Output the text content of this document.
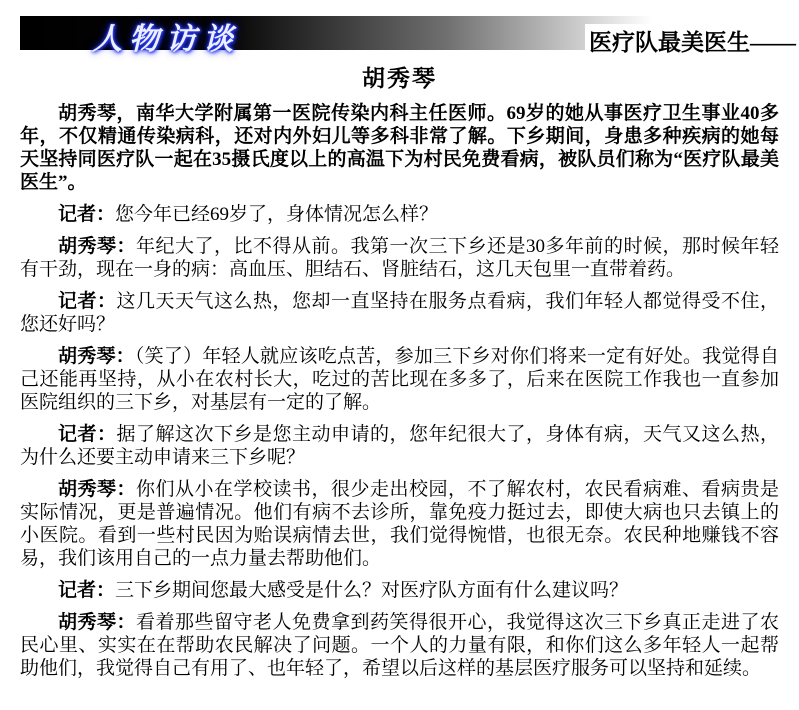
人物访谈	医疗队最美医生——
胡秀琴

胡秀琴，南华大学附属第一医院传染内科主任医师。69岁的她从事医疗卫生事业40多年，不仅精通传染病科，还对内外妇儿等多科非常了解。下乡期间，身患多种疾病的她每天坚持同医疗队一起在35摄氏度以上的高温下为村民免费看病，被队员们称为“医疗队最美医生”。

记者：您今年已经69岁了，身体情况怎么样？

胡秀琴：年纪大了，比不得从前。我第一次三下乡还是30多年前的时候，那时候年轻有干劲，现在一身的病：高血压、胆结石、肾脏结石，这几天包里一直带着药。

记者：这几天天气这么热，您却一直坚持在服务点看病，我们年轻人都觉得受不住，您还好吗？

胡秀琴：（笑了）年轻人就应该吃点苦，参加三下乡对你们将来一定有好处。我觉得自己还能再坚持，从小在农村长大，吃过的苦比现在多多了，后来在医院工作我也一直参加医院组织的三下乡，对基层有一定的了解。

记者：据了解这次下乡是您主动申请的，您年纪很大了，身体有病，天气又这么热，为什么还要主动申请来三下乡呢？

胡秀琴：你们从小在学校读书，很少走出校园，不了解农村，农民看病难、看病贵是实际情况，更是普遍情况。他们有病不去诊所，靠免疫力挺过去，即使大病也只去镇上的小医院。看到一些村民因为贻误病情去世，我们觉得惋惜，也很无奈。农民种地赚钱不容易，我们该用自己的一点力量去帮助他们。

记者：三下乡期间您最大感受是什么？对医疗队方面有什么建议吗？

胡秀琴：看着那些留守老人免费拿到药笑得很开心，我觉得这次三下乡真正走进了农民心里、实实在在帮助农民解决了问题。一个人的力量有限，和你们这么多年轻人一起帮助他们，我觉得自己有用了、也年轻了，希望以后这样的基层医疗服务可以坚持和延续。
